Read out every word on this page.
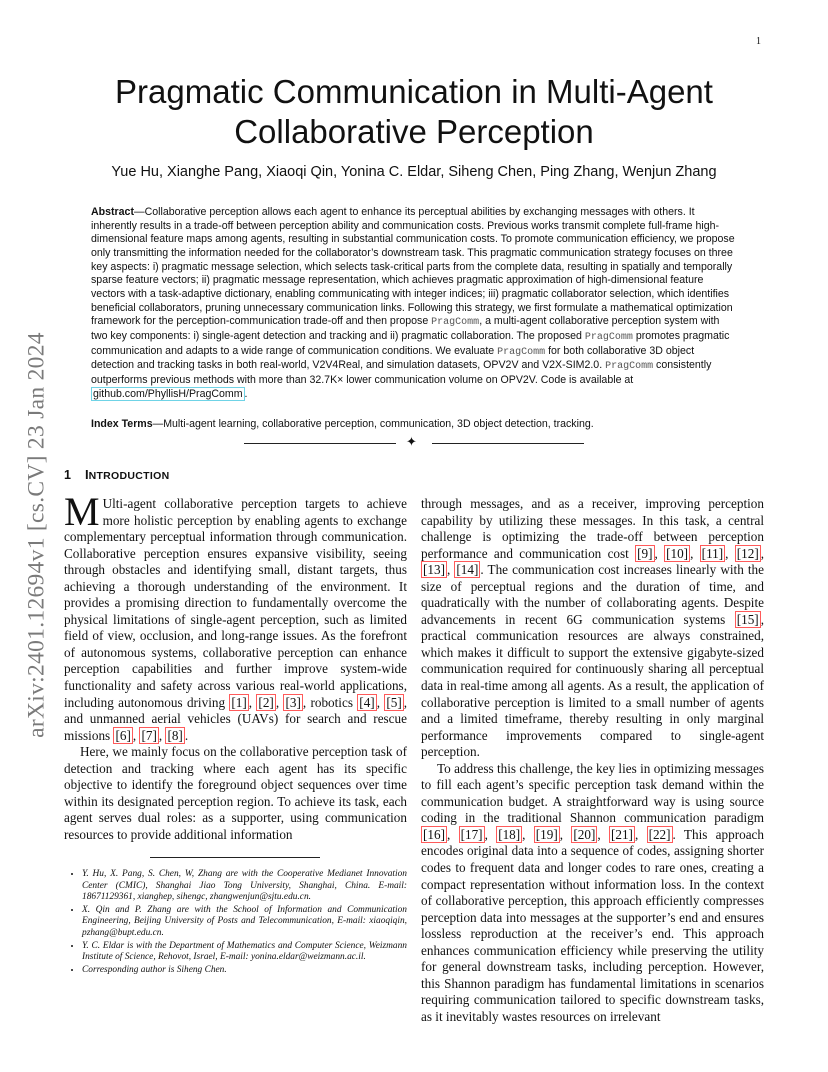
1
arXiv:2401.12694v1 [cs.CV] 23 Jan 2024
Pragmatic Communication in Multi-Agent Collaborative Perception
Yue Hu, Xianghe Pang, Xiaoqi Qin, Yonina C. Eldar, Siheng Chen, Ping Zhang, Wenjun Zhang
Abstract—Collaborative perception allows each agent to enhance its perceptual abilities by exchanging messages with others. It inherently results in a trade-off between perception ability and communication costs. Previous works transmit complete full-frame high-dimensional feature maps among agents, resulting in substantial communication costs. To promote communication efficiency, we propose only transmitting the information needed for the collaborator’s downstream task. This pragmatic communication strategy focuses on three key aspects: i) pragmatic message selection, which selects task-critical parts from the complete data, resulting in spatially and temporally sparse feature vectors; ii) pragmatic message representation, which achieves pragmatic approximation of high-dimensional feature vectors with a task-adaptive dictionary, enabling communicating with integer indices; iii) pragmatic collaborator selection, which identifies beneficial collaborators, pruning unnecessary communication links. Following this strategy, we first formulate a mathematical optimization framework for the perception-communication trade-off and then propose PragComm, a multi-agent collaborative perception system with two key components: i) single-agent detection and tracking and ii) pragmatic collaboration. The proposed PragComm promotes pragmatic communication and adapts to a wide range of communication conditions. We evaluate PragComm for both collaborative 3D object detection and tracking tasks in both real-world, V2V4Real, and simulation datasets, OPV2V and V2X-SIM2.0. PragComm consistently outperforms previous methods with more than 32.7K× lower communication volume on OPV2V. Code is available at github.com/PhyllisH/PragComm .
Index Terms—Multi-agent learning, collaborative perception, communication, 3D object detection, tracking.
✦
1 INTRODUCTION

M Ulti-agent collaborative perception targets to achieve more holistic perception by enabling agents to exchange complementary perceptual information through communication. Collaborative perception ensures expansive visibility, seeing through obstacles and identifying small, distant targets, thus achieving a thorough understanding of the environment. It provides a promising direction to fundamentally overcome the physical limitations of single-agent perception, such as limited field of view, occlusion, and long-range issues. As the forefront of autonomous systems, collaborative perception can enhance perception capabilities and further improve system-wide functionality and safety across various real-world applications, including autonomous driving [1] , [2] , [3] , robotics [4] , [5] , and unmanned aerial vehicles (UAVs) for search and rescue missions [6] , [7] , [8] .

Here, we mainly focus on the collaborative perception task of detection and tracking where each agent has its specific objective to identify the foreground object sequences over time within its designated perception region. To achieve its task, each agent serves dual roles: as a supporter, using communication resources to provide additional information

through messages, and as a receiver, improving perception capability by utilizing these messages. In this task, a central challenge is optimizing the trade-off between perception performance and communication cost [9] , [10] , [11] , [12] , [13] , [14] . The communication cost increases linearly with the size of perceptual regions and the duration of time, and quadratically with the number of collaborating agents. Despite advancements in recent 6G communication systems [15] , practical communication resources are always constrained, which makes it difficult to support the extensive gigabyte-sized communication required for continuously sharing all perceptual data in real-time among all agents. As a result, the application of collaborative perception is limited to a small number of agents and a limited timeframe, thereby resulting in only marginal performance improvements compared to single-agent perception.

To address this challenge, the key lies in optimizing messages to fill each agent’s specific perception task demand within the communication budget. A straightforward way is using source coding in the traditional Shannon communication paradigm [16] , [17] , [18] , [19] , [20] , [21] , [22] . This approach encodes original data into a sequence of codes, assigning shorter codes to frequent data and longer codes to rare ones, creating a compact representation without information loss. In the context of collaborative perception, this approach efficiently compresses perception data into messages at the supporter’s end and ensures lossless reproduction at the receiver’s end. This approach enhances communication efficiency while preserving the utility for general downstream tasks, including perception. However, this Shannon paradigm has fundamental limitations in scenarios requiring communication tailored to specific downstream tasks, as it inevitably wastes resources on irrelevant

• Y. Hu, X. Pang, S. Chen, W, Zhang are with the Cooperative Medianet Innovation Center (CMIC), Shanghai Jiao Tong University, Shanghai, China. E-mail: 18671129361, xianghep, sihengc, zhangwenjun@sjtu.edu.cn.
• X. Qin and P. Zhang are with the School of Information and Communication Engineering, Beijing University of Posts and Telecommunication, E-mail: xiaoqiqin, pzhang@bupt.edu.cn.
• Y. C. Eldar is with the Department of Mathematics and Computer Science, Weizmann Institute of Science, Rehovot, Israel, E-mail: yonina.eldar@weizmann.ac.il.
• Corresponding author is Siheng Chen.
